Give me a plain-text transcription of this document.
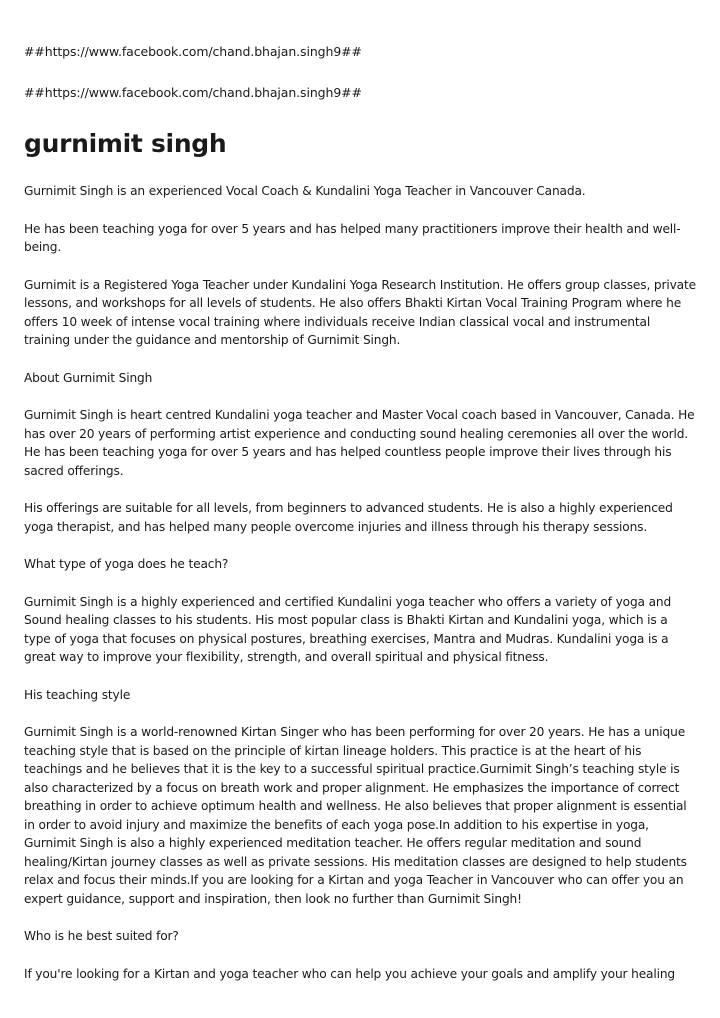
##https://www.facebook.com/chand.bhajan.singh9##

##https://www.facebook.com/chand.bhajan.singh9##

gurnimit singh

Gurnimit Singh is an experienced Vocal Coach & Kundalini Yoga Teacher in Vancouver Canada.

He has been teaching yoga for over 5 years and has helped many practitioners improve their health and well-being.

Gurnimit is a Registered Yoga Teacher under Kundalini Yoga Research Institution. He offers group classes, private lessons, and workshops for all levels of students. He also offers Bhakti Kirtan Vocal Training Program where he offers 10 week of intense vocal training where individuals receive Indian classical vocal and instrumental training under the guidance and mentorship of Gurnimit Singh.

About Gurnimit Singh

Gurnimit Singh is heart centred Kundalini yoga teacher and Master Vocal coach based in Vancouver, Canada. He has over 20 years of performing artist experience and conducting sound healing ceremonies all over the world. He has been teaching yoga for over 5 years and has helped countless people improve their lives through his sacred offerings.

His offerings are suitable for all levels, from beginners to advanced students. He is also a highly experienced yoga therapist, and has helped many people overcome injuries and illness through his therapy sessions.

What type of yoga does he teach?

Gurnimit Singh is a highly experienced and certified Kundalini yoga teacher who offers a variety of yoga and Sound healing classes to his students. His most popular class is Bhakti Kirtan and Kundalini yoga, which is a type of yoga that focuses on physical postures, breathing exercises, Mantra and Mudras. Kundalini yoga is a great way to improve your flexibility, strength, and overall spiritual and physical fitness.

His teaching style

Gurnimit Singh is a world-renowned Kirtan Singer who has been performing for over 20 years. He has a unique teaching style that is based on the principle of kirtan lineage holders. This practice is at the heart of his teachings and he believes that it is the key to a successful spiritual practice.Gurnimit Singh’s teaching style is also characterized by a focus on breath work and proper alignment. He emphasizes the importance of correct breathing in order to achieve optimum health and wellness. He also believes that proper alignment is essential in order to avoid injury and maximize the benefits of each yoga pose.In addition to his expertise in yoga, Gurnimit Singh is also a highly experienced meditation teacher. He offers regular meditation and sound healing/Kirtan journey classes as well as private sessions. His meditation classes are designed to help students relax and focus their minds.If you are looking for a Kirtan and yoga Teacher in Vancouver who can offer you an expert guidance, support and inspiration, then look no further than Gurnimit Singh!

Who is he best suited for?

If you're looking for a Kirtan and yoga teacher who can help you achieve your goals and amplify your healing
